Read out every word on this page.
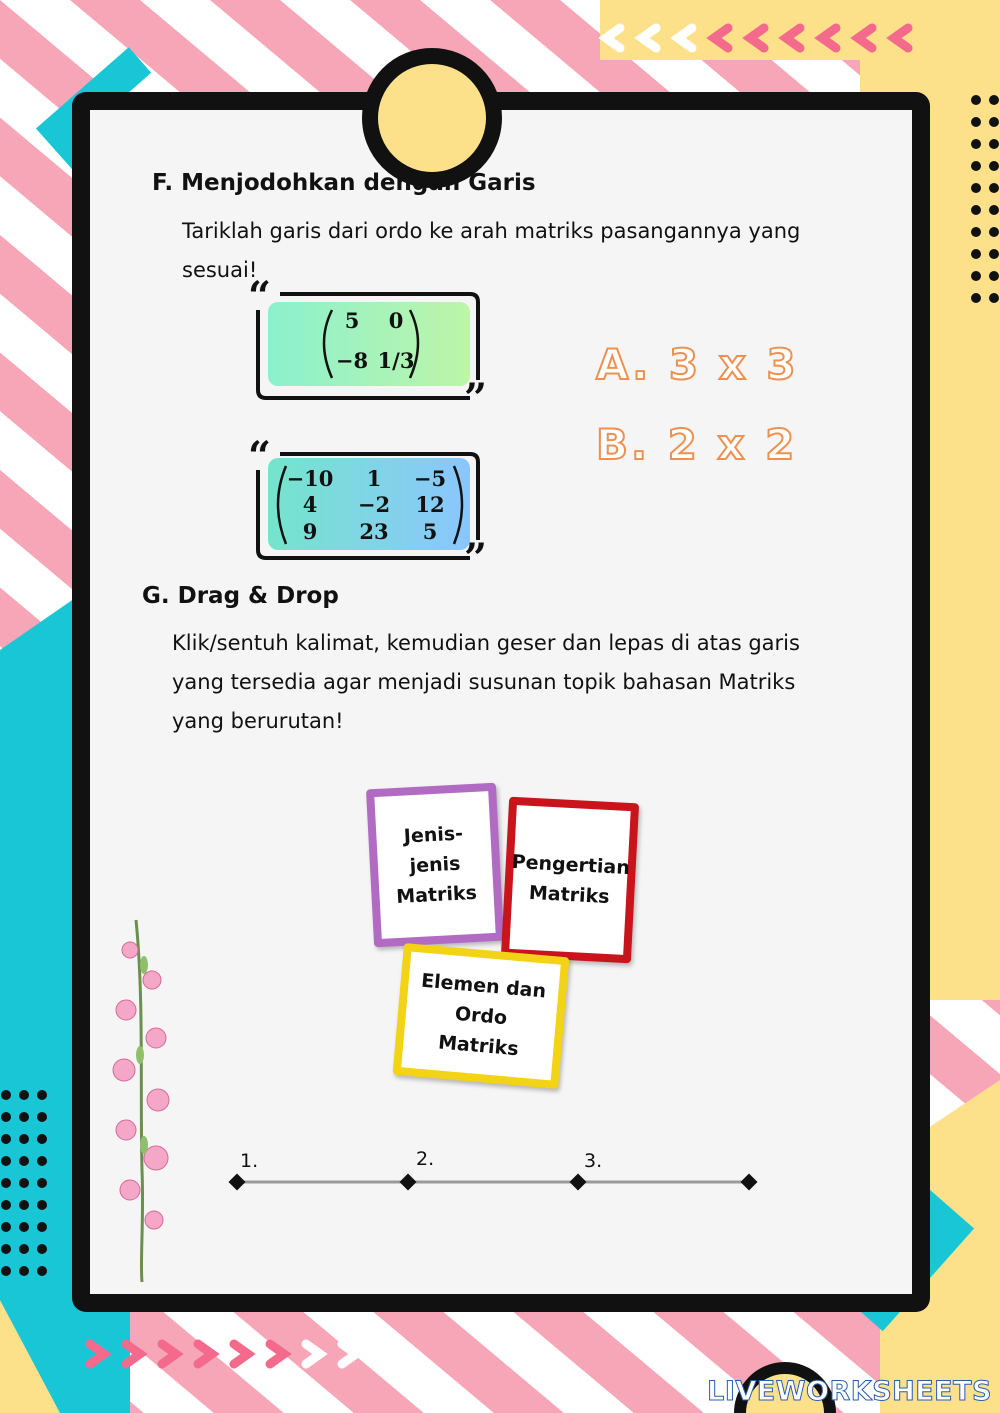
F. Menjodohkan dengan Garis
Tariklah garis dari ordo ke arah matriks pasangannya yang
sesuai!
“
”
5 0
−8 1/3
“
”
−10 1 −5
4 −2 12
9 23 5
A. 3 x 3
B. 2 x 2
G. Drag & Drop
Klik/sentuh kalimat, kemudian geser dan lepas di atas garis
yang tersedia agar menjadi susunan topik bahasan Matriks
yang berurutan!
Jenis-jenis
Matriks
Pengertian
Matriks
Elemen dan
Ordo Matriks
1.	2.	3.
LIVEWORKSHEETS
